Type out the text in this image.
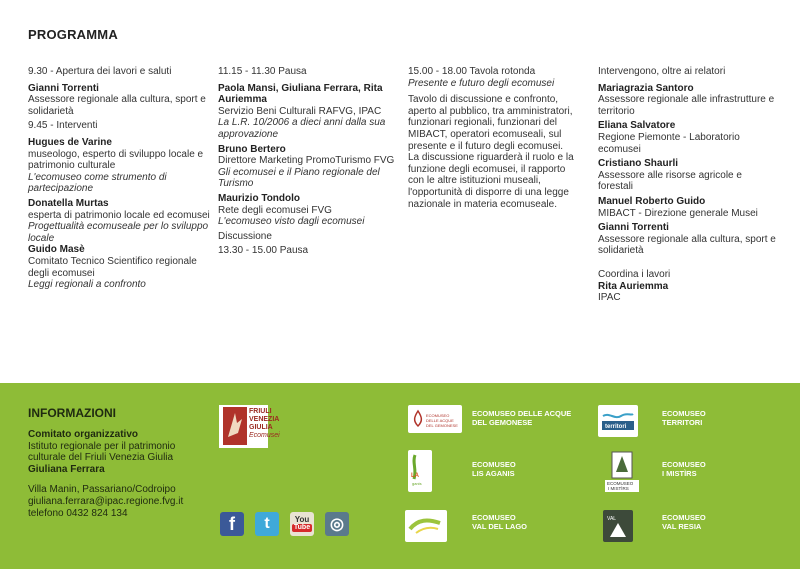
PROGRAMMA
9.30 - Apertura dei lavori e saluti
Gianni Torrenti
Assessore regionale alla cultura, sport e solidarietà
9.45 - Interventi
Hugues de Varine
museologo, esperto di sviluppo locale e patrimonio culturale
L'ecomuseo come strumento di partecipazione
Donatella Murtas
esperta di patrimonio locale ed ecomusei
Progettualità ecomuseale per lo sviluppo locale
Guido Masè
Comitato Tecnico Scientifico regionale degli ecomusei
Leggi regionali a confronto
11.15 - 11.30 Pausa
Paola Mansi, Giuliana Ferrara, Rita Auriemma
Servizio Beni Culturali RAFVG, IPAC
La L.R. 10/2006 a dieci anni dalla sua approvazione
Bruno Bertero
Direttore Marketing PromoTurismo FVG
Gli ecomusei e il Piano regionale del Turismo
Maurizio Tondolo
Rete degli ecomusei FVG
L'ecomuseo visto dagli ecomusei
Discussione
13.30 - 15.00 Pausa
15.00 - 18.00 Tavola rotonda
Presente e futuro degli ecomusei
Tavolo di discussione e confronto, aperto al pubblico, tra amministratori, funzionari regionali, funzionari del MIBACT, operatori ecomuseali, sul presente e il futuro degli ecomusei.
La discussione riguarderà il ruolo e la funzione degli ecomusei, il rapporto con le altre istituzioni museali, l'opportunità di disporre di una legge nazionale in materia ecomuseale.
Intervengono, oltre ai relatori
Mariagrazia Santoro
Assessore regionale alle infrastrutture e territorio
Eliana Salvatore
Regione Piemonte - Laboratorio ecomusei
Cristiano Shaurli
Assessore alle risorse agricole e forestali
Manuel Roberto Guido
MIBACT - Direzione generale Musei
Gianni Torrenti
Assessore regionale alla cultura, sport e solidarietà
Coordina i lavori
Rita Auriemma
IPAC
INFORMAZIONI
Comitato organizzativo
Istituto regionale per il patrimonio culturale del Friuli Venezia Giulia
Giuliana Ferrara
Villa Manin, Passariano/Codroipo
giuliana.ferrara@ipac.regione.fvg.it
telefono 0432 824 134
FRIULI
VENEZIA
GIULIA
Ecomusei
f	t	You
Tube	◎
ECOMUSEO
DELLE ACQUE
DEL GEMONESE
ECOMUSEO DELLE ACQUE
DEL GEMONESE
LA
ganis
ECOMUSEO
LIS AGANIS
ECOMUSEO
VAL DEL LAGO
territori
ECOMUSEO
TERRITORI
ECOMUSEO
I MISTÌRS
ECOMUSEO
I MISTÌRS
VAL	ECOMUSEO
VAL RESIA
